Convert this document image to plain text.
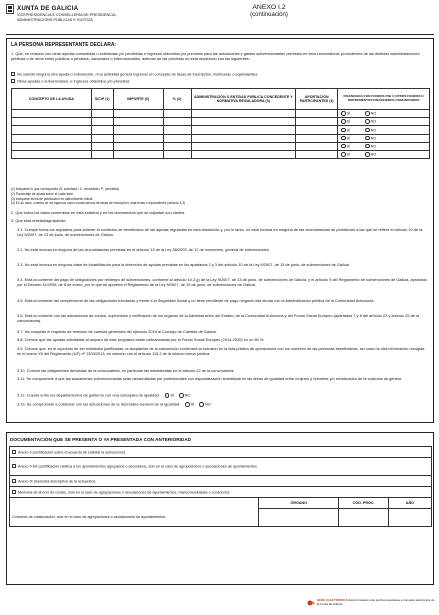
XUNTA DE GALICIA
VICEPRESIDENCIA E CONSELLERÍA DE PRESIDENCIA, ADMINISTRACIÓNS PÚBLICAS E XUSTIZA
ANEXO I.2
(continuación)
LA PERSONA REPRESENTANTE DECLARA:
1. Que, en relación con otras ayudas concedidas o solicitadas y/o percibidas e ingresos obtenidos y/o previstos para las actuaciones y gastos subvencionables previstos en esta convocatoria, procedentes de las distintas administraciones públicas o de otros entes públicos o privados, nacionales o internacionales, además de las previstas en esta resolución son las siguientes:
No solicitó ninguna otra ayuda o subvención, ni la actividad genera ingresos en concepto de tasas de inscripción, matrículas o equivalentes.
Otras ayudas o subvenciones, e ingresos obtenidos y/o previstos:
CONCEPTO DE LA AYUDA	S/C/P (1)	IMPORTE (€)	% (2)	ADMINISTRACIÓN O ENTIDAD PÚBLICA CONCEDENTE Y NORMATIVA REGULADORA (3)	APORTACIÓN PARTICIPANTES (4)	FINANCIADA CON FONDOS FSE U OTROS FONDOS O INSTRUMENTOS FINANCIEROS COMUNITARIOS
						SÍ NO
						SÍ NO
						SÍ NO
						SÍ NO
						SÍ NO
						SÍ NO
(1) Indíquese lo que corresponda (S: solicitada / C: concedida / P: percibida)
(2) Porcentaje de ayuda sobre el coste total
(3) Indíquese fecha de publicación en diario/boletín oficial
(4) En su caso, cuantía de los ingresos como consecuencia de tasas de inscripción, matrículas o equivalentes (artículo 3.3)
2. Que todos los datos contenidos en esta solicitud y en los documentos que se adjuntan son ciertos.
3. Que esta entidad/agrupación:
3.1. Cumple todos los requisitos para obtener la condición de beneficiaria de las ayudas reguladas en esta resolución y, por lo tanto, no está incursa en ninguna de las circunstancias de prohibición a las que se refiere el artículo 10 de la Ley 9/2007, de 13 de junio, de subvenciones de Galicia.
3.2. No está incursa en ninguna de las circunstancias previstas en el artículo 13 de la Ley 38/2003, de 17 de noviembre, general de subvenciones.
3.3. No está incursa en ninguna clase de inhabilitación para la obtención de ayudas previstas en los apartados 2 y 3 del artículo 10 de la Ley 9/2007, de 13 de junio, de subvenciones de Galicia.
3.4. Está al corriente del pago de obligaciones por reintegro de subvenciones, conforme al artículo 10.2.g) de la Ley 9/2007, de 13 de junio, de subvenciones de Galicia, y el artículo 9 del Reglamento de subvenciones de Galicia, aprobado por el Decreto 11/2009, de 8 de enero, por el que se aprueba el Reglamento de la Ley 9/2007, de 13 de junio, de subvenciones de Galicia.
3.5. Está al corriente del cumplimiento de las obligaciones tributarias y frente a la Seguridad Social y no tiene pendiente de pago ninguna otra deuda con la Administración pública de la Comunidad Autónoma.
3.6. Está al corriente con las actuaciones de control, supervisión y verificación de los órganos de la Administración del Estado, de la Comunidad Autónoma y del Fondo Social Europeo (apartados 7 y 8 del artículo 22 y artículo 25 de la convocatoria).
3.7. Ha cumplido el requisito de remisión de cuentas generales del ejercicio 2018 al Consejo de Cuentas de Galicia.
3.8. Conoce que las ayudas solicitadas al amparo de este programa están cofinanciadas por el Fondo Social Europeo (2014-2020) en un 80 %.
3.9. Conoce que, en el supuesto de ser entidades justificadas, la aceptación de la subvención conllevará la inclusión en la lista pública de operaciones con los nombres de las personas beneficiarias, así como la otra información recogida en el anexo XII del Reglamento (UE) nº 1303/2013, en relación con el artículo 115.2 de la misma norma jurídica.
3.10. Conoce las obligaciones derivadas de la convocatoria, en particular las establecidas en el artículo 22 de la convocatoria.
3.11. Se compromete a que las actuaciones subvencionadas sean desarrolladas por profesionales con especialización acreditada en las áreas de igualdad entre mujeres y hombres y/o erradicación de la violencia de género.
3.12. Cuenta entre los departamentos de gobierno con una concejalía de igualdad.	SÍ	NO
3.13. Se compromete a colaborar con las actuaciones de la Secretaría General de la Igualdad.	SÍ	NO
DOCUMENTACIÓN QUE SE PRESENTA O YA PRESENTADA CON ANTERIORIDAD
Anexo II (certificación sobre el acuerdo de solicitar la subvención).			
Anexo II-bis (certificación relativa a los ayuntamientos agrupados o asociados), solo en el caso de agrupaciones o asociaciones de ayuntamientos.			
Anexo III (memoria descriptiva de la actuación).			
Memoria de ahorro de costes, solo en el caso de agrupaciones o asociaciones de ayuntamientos, mancomunidades o consorcios.			
	ÓRGANO	CÓD. PROC.	AÑO
Convenio de colaboración, solo en el caso de agrupaciones o asociaciones de ayuntamientos.			
SEDE ELECTRÓNICA Este formulario solo podrá presentarse en la sede electrónica de la Xunta de Galicia.
